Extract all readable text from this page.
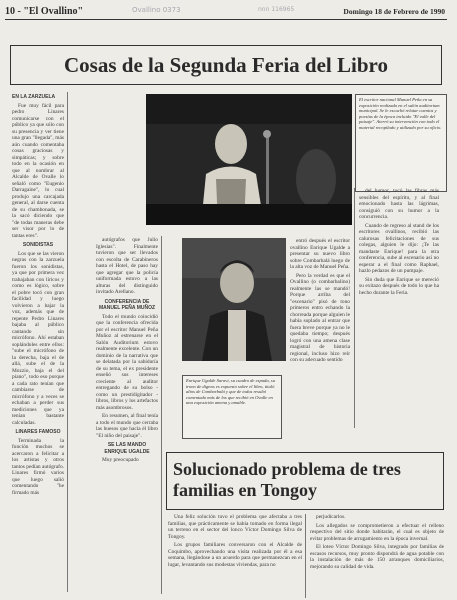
10 - "El Ovallino"	Ovallino 0373	nnn 116965	Domingo 18 de Febrero de 1990
Cosas de la Segunda Feria del Libro
EN LA ZARZUELA

Fue muy fácil para pedro Linares comunicarse con el público ya que sólo con su presencia y ver tiene una gran "llegada", más aún cuando comentaba cosas graciosas y simpáticas; y sobre todo en la ocasión en que al nombrar al Alcalde de Ovalle lo señaló como "Eugenio Darragaine", lo cual produjo una carcajada general, al darse cuenta de su chambonada, se la sacó diciendo que "de todas maneras debe ser visor por lo de tantas eres".

SONIDISTAS

Los que se las vieron negras con la zarzuela fueron los sonidistas, ya que por primera vez trabajaban con líricos y como es lógico, sobre el pobre tocó con gran facilidad y luego volvieron a bajar la voz, además que de repente Pedro Linares bajaba al público cantando sin micrófono. Ahí estaban soplándoles entre ellos: "sube el micrófono de la derecha, baja el de allá, sube el de la Mozzio, baja el del piano", todo eso porque a cada rato tenían que cambiarse de micrófono y a veces se echaban a perder sus mediciones que ya tenían bastante calculadas.

LINARES FAMOSO

Terminada la función muchos se acercaron a felicitar a los artistas y otros tantos pedían autógrafo. Linares firmó varios que luego salió comentando "he firmado más

El escritor nacional Manuel Peña en su exposición realizada en el salón auditorium municipal. Se le escuchó relatar cuentos y poesías de la época incluido "El valle del paisaje". Aterró su intervención con todo el material recopilado y utilizado por su oficio.

autógrafos que Julio Iglesias". Finalmente tuvieron que ser llevados con escolta de Carabineros hasta el Hotel, de paso hay que agregar que la policía uniformada estuvo a las alturas del distinguido invitado Arellano.

CONFERENCIA DE MANUEL PEÑA MUÑOZ

Todo el mundo coincidió que la conferencia ofrecida por el escritor Manuel Peña Muñoz al estrenarse en el Salón Auditorium estuvo realmente excelente. Con un dominio de la narrativa que se delatada por la sabiduría de su tema, el ex presidente enseñó sus intereses creciente al auditor entregando de su bolso - como un prestidigitador - libros, libros y los artefactos más asombrosos.

En resumen, al final tenía a todo el mundo que cerraba las huesos que hacía él libro "El niño del paisaje".

SE LAS MANDO ENRIQUE UGALDE

Muy preocupado

Enrique Ugalde Saravi, su cuadro de espada, su trono de dignos es expuesto sobre el libro, tituló altos de Combarbalá y que de todos resultó comentado más de los que recibió en Ovalle en una exposición amena y amable.

entró después el escritor ovallino Enrique Ugalde a presentar su nuevo libro sobre Combarbalá luego de la alta voz de Manuel Peña.

Pero la verdad es que el Ovallino (o combarbalino) realmente las se mandó! Porque arriba del "escenario" pisó de tono primeros entro echando la chorreada porque alguien le había soplado al entrar que fuera breve porque ya no le quedaba tiempo; después logró con una amena clase magistral de historia regional, incluso hizo reír con su adecuado sentido

del humor, tocó las fibras más sensibles del espíritu, y al final emocionado hasta las lágrimas, consiguió con su humor a la concurrencia.

Cuando de regreso al stand de los escritores ovallinos, recibió las calurosas felicitaciones de sus colegas, alguien le dijo: ¡Te las mandaste Enrique! para la otra conferencia, sube al escenario así no esperar a el final como Raphael, hazlo pedazos de un pumpaje.

Sin duda que Enrique se mereció su exitazo después de todo lo que ha hecho durante la Feria.

Solucionado problema de tres familias en Tongoy

Una feliz solución tuvo el problema que afectaba a tres familias, que prácticamente se había tomado en forma ilegal un terreno en el sector del lonco Víctor Domingo Silva de Tongoy.

Los grupos familiares conversaron con el Alcalde de Coquimbo, aprovechando una visita realizada por él a esa semana, llegándose a un acuerdo para que permanezcan en el lugar, levantando sus modestas viviendas, para no

perjudicarlos.

Los allegados se comprometieron a efectuar el relleno respectivo del sitio donde habitarán, el cual es objeto de evitar problemas de arrugamiento en la época invernal.

El loteo Víctor Domingo Silva, integrado por familias de escasos recursos, muy pronto dispondrá de agua potable con la instalación de más de 150 arranques domiciliarios, mejorando su calidad de vida.
